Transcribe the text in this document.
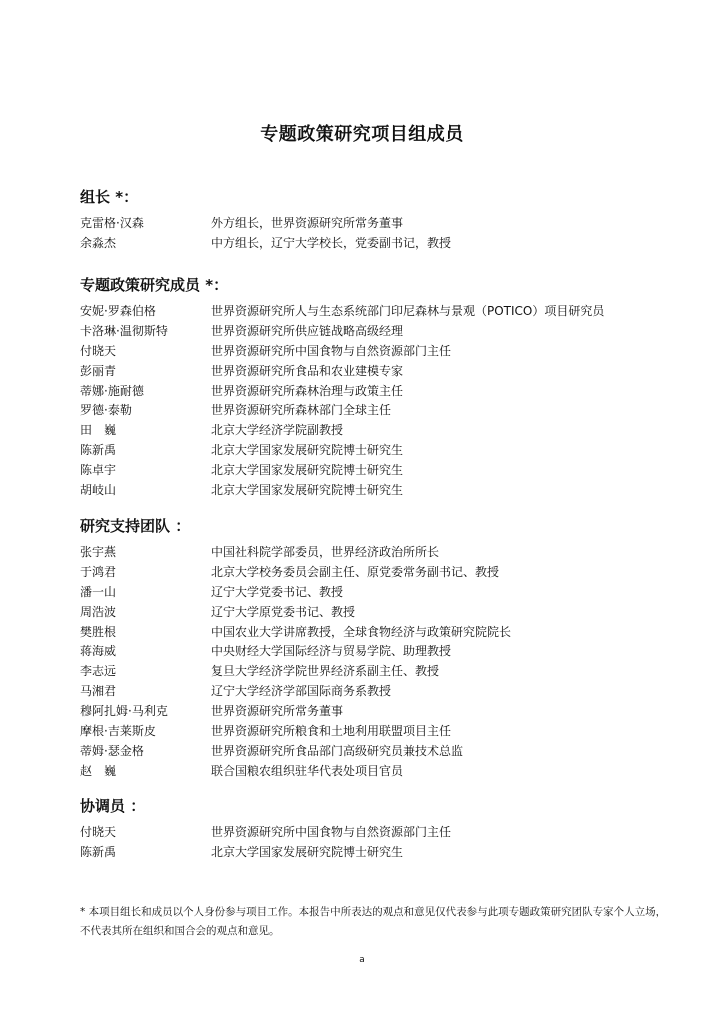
专题政策研究项目组成员
组长 *：
克雷格·汉森	外方组长，世界资源研究所常务董事
余淼杰	中方组长，辽宁大学校长，党委副书记，教授
专题政策研究成员 *：
安妮·罗森伯格	世界资源研究所人与生态系统部门印尼森林与景观（POTICO）项目研究员
卡洛琳·温彻斯特	世界资源研究所供应链战略高级经理
付晓天	世界资源研究所中国食物与自然资源部门主任
彭丽青	世界资源研究所食品和农业建模专家
蒂娜·施耐德	世界资源研究所森林治理与政策主任
罗德·泰勒	世界资源研究所森林部门全球主任
田　巍	北京大学经济学院副教授
陈新禹	北京大学国家发展研究院博士研究生
陈卓宇	北京大学国家发展研究院博士研究生
胡岐山	北京大学国家发展研究院博士研究生
研究支持团队 ：
张宇燕	中国社科院学部委员，世界经济政治所所长
于鸿君	北京大学校务委员会副主任、原党委常务副书记、教授
潘一山	辽宁大学党委书记、教授
周浩波	辽宁大学原党委书记、教授
樊胜根	中国农业大学讲席教授，全球食物经济与政策研究院院长
蒋海威	中央财经大学国际经济与贸易学院、助理教授
李志远	复旦大学经济学院世界经济系副主任、教授
马湘君	辽宁大学经济学部国际商务系教授
穆阿扎姆·马利克	世界资源研究所常务董事
摩根·吉莱斯皮	世界资源研究所粮食和土地利用联盟项目主任
蒂姆·瑟金格	世界资源研究所食品部门高级研究员兼技术总监
赵　巍	联合国粮农组织驻华代表处项目官员
协调员 ：
付晓天	世界资源研究所中国食物与自然资源部门主任
陈新禹	北京大学国家发展研究院博士研究生
* 本项目组长和成员以个人身份参与项目工作。本报告中所表达的观点和意见仅代表参与此项专题政策研究团队专家个人立场，不代表其所在组织和国合会的观点和意见。
a
